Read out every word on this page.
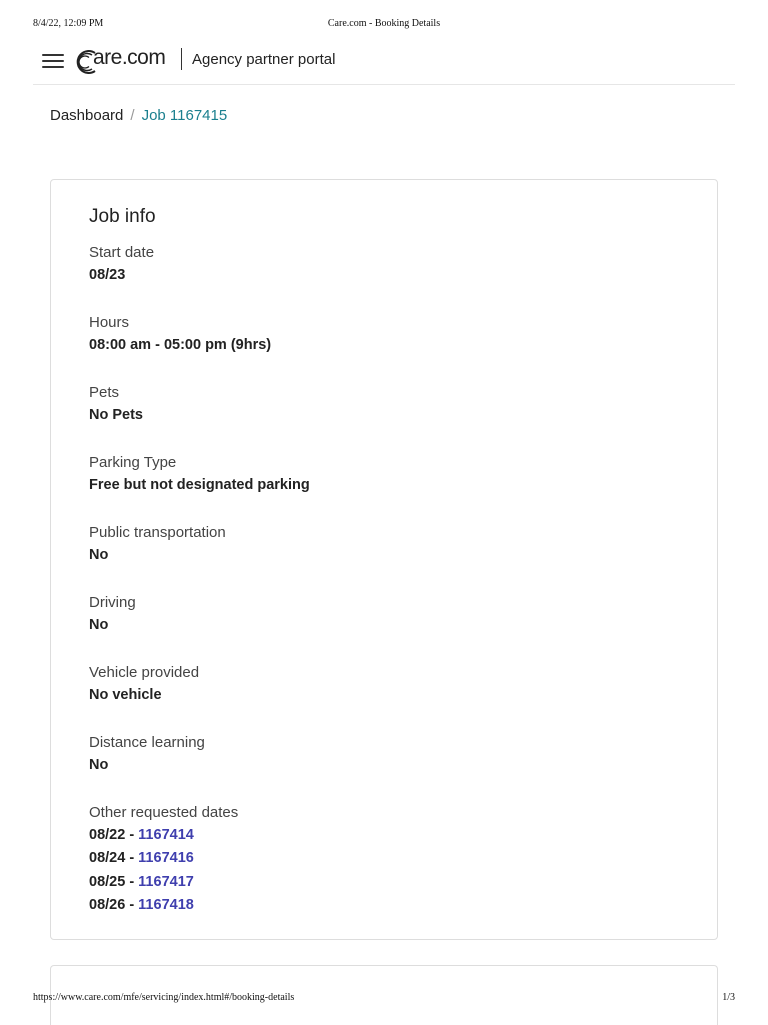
8/4/22, 12:09 PM	Care.com - Booking Details
are.com Agency partner portal
Dashboard / Job 1167415
Job info
Start date
08/23
Hours
08:00 am - 05:00 pm (9hrs)
Pets
No Pets
Parking Type
Free but not designated parking
Public transportation
No
Driving
No
Vehicle provided
No vehicle
Distance learning
No
Other requested dates
08/22 - 1167414
08/24 - 1167416
08/25 - 1167417
08/26 - 1167418
https://www.care.com/mfe/servicing/index.html#/booking-details	1/3
